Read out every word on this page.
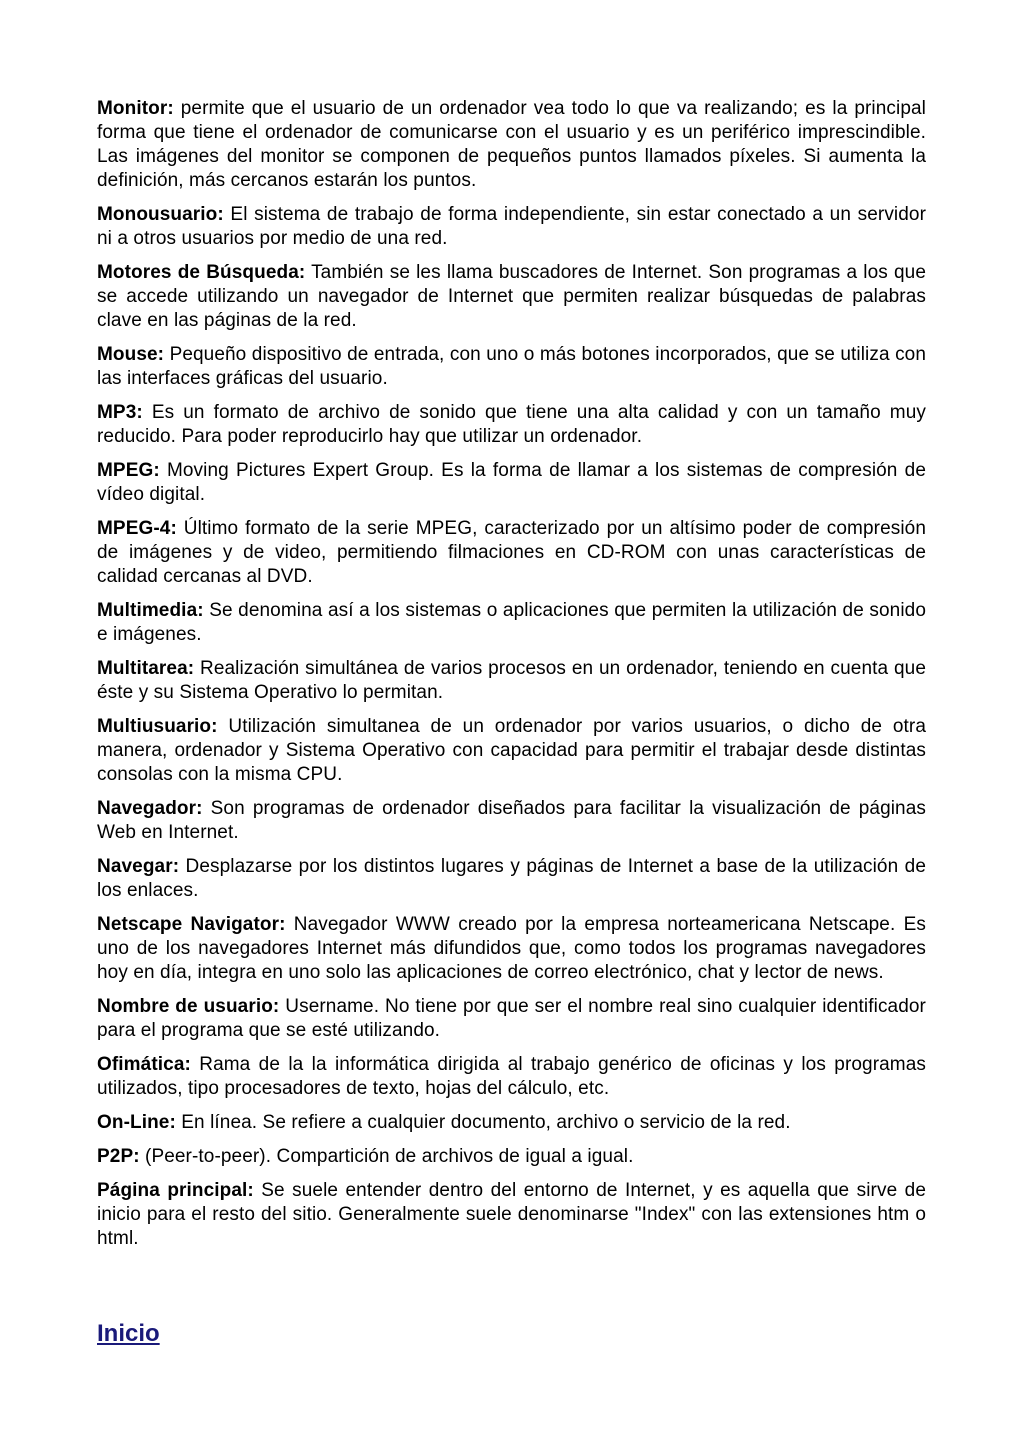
Monitor: permite que el usuario de un ordenador vea todo lo que va realizando; es la principal forma que tiene el ordenador de comunicarse con el usuario y es un periférico imprescindible. Las imágenes del monitor se componen de pequeños puntos llamados píxeles. Si aumenta la definición, más cercanos estarán los puntos.

Monousuario: El sistema de trabajo de forma independiente, sin estar conectado a un servidor ni a otros usuarios por medio de una red.

Motores de Búsqueda: También se les llama buscadores de Internet. Son programas a los que se accede utilizando un navegador de Internet que permiten realizar búsquedas de palabras clave en las páginas de la red.

Mouse: Pequeño dispositivo de entrada, con uno o más botones incorporados, que se utiliza con las interfaces gráficas del usuario.

MP3: Es un formato de archivo de sonido que tiene una alta calidad y con un tamaño muy reducido. Para poder reproducirlo hay que utilizar un ordenador.

MPEG: Moving Pictures Expert Group. Es la forma de llamar a los sistemas de compresión de vídeo digital.

MPEG-4: Último formato de la serie MPEG, caracterizado por un altísimo poder de compresión de imágenes y de video, permitiendo filmaciones en CD-ROM con unas características de calidad cercanas al DVD.

Multimedia: Se denomina así a los sistemas o aplicaciones que permiten la utilización de sonido e imágenes.

Multitarea: Realización simultánea de varios procesos en un ordenador, teniendo en cuenta que éste y su Sistema Operativo lo permitan.

Multiusuario: Utilización simultanea de un ordenador por varios usuarios, o dicho de otra manera, ordenador y Sistema Operativo con capacidad para permitir el trabajar desde distintas consolas con la misma CPU.

Navegador: Son programas de ordenador diseñados para facilitar la visualización de páginas Web en Internet.

Navegar: Desplazarse por los distintos lugares y páginas de Internet a base de la utilización de los enlaces.

Netscape Navigator: Navegador WWW creado por la empresa norteamericana Netscape. Es uno de los navegadores Internet más difundidos que, como todos los programas navegadores hoy en día, integra en uno solo las aplicaciones de correo electrónico, chat y lector de news.

Nombre de usuario: Username. No tiene por que ser el nombre real sino cualquier identificador para el programa que se esté utilizando.

Ofimática: Rama de la la informática dirigida al trabajo genérico de oficinas y los programas utilizados, tipo procesadores de texto, hojas del cálculo, etc.

On-Line: En línea. Se refiere a cualquier documento, archivo o servicio de la red.

P2P: (Peer-to-peer). Compartición de archivos de igual a igual.

Página principal: Se suele entender dentro del entorno de Internet, y es aquella que sirve de inicio para el resto del sitio. Generalmente suele denominarse "Index" con las extensiones htm o html.

Inicio
